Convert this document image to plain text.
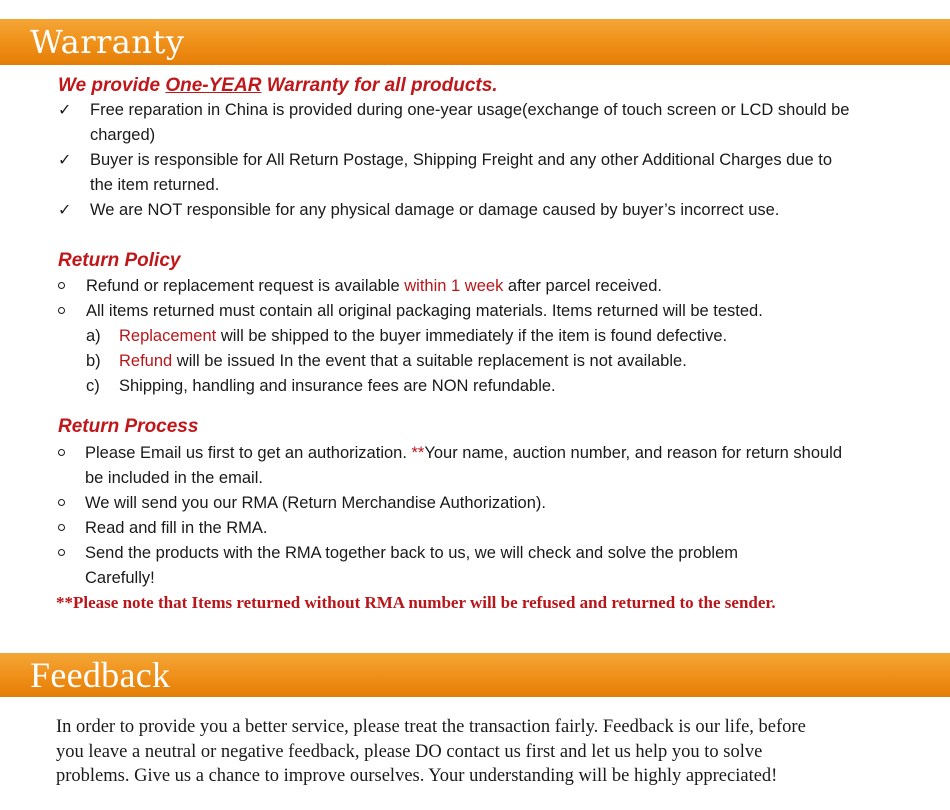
Warranty
We provide One-YEAR Warranty for all products.
✓ Free reparation in China is provided during one-year usage(exchange of touch screen or LCD should be
charged)
✓ Buyer is responsible for All Return Postage, Shipping Freight and any other Additional Charges due to
the item returned.
✓ We are NOT responsible for any physical damage or damage caused by buyer’s incorrect use.
Return Policy
Refund or replacement request is available within 1 week after parcel received.
All items returned must contain all original packaging materials. Items returned will be tested.
a) Replacement will be shipped to the buyer immediately if the item is found defective.
b) Refund will be issued In the event that a suitable replacement is not available.
c) Shipping, handling and insurance fees are NON refundable.
Return Process
Please Email us first to get an authorization. **Your name, auction number, and reason for return should
be included in the email.
We will send you our RMA (Return Merchandise Authorization).
Read and fill in the RMA.
Send the products with the RMA together back to us, we will check and solve the problem
Carefully!
**Please note that Items returned without RMA number will be refused and returned to the sender.
Feedback

In order to provide you a better service, please treat the transaction fairly. Feedback is our life, before
you leave a neutral or negative feedback, please DO contact us first and let us help you to solve
problems. Give us a chance to improve ourselves. Your understanding will be highly appreciated!
